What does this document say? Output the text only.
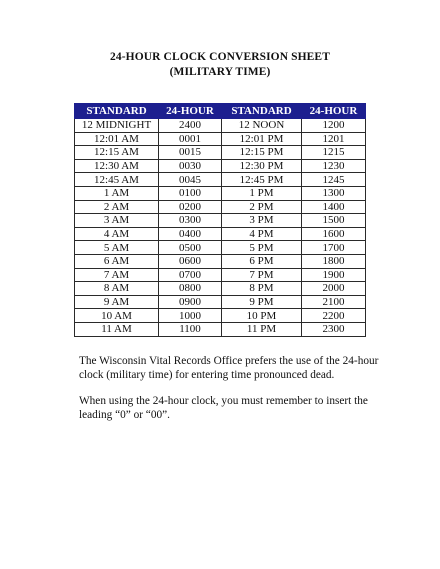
24-HOUR CLOCK CONVERSION SHEET
(MILITARY TIME)
STANDARD	24-HOUR	STANDARD	24-HOUR
12 MIDNIGHT	2400	12 NOON	1200
12:01 AM	0001	12:01 PM	1201
12:15 AM	0015	12:15 PM	1215
12:30 AM	0030	12:30 PM	1230
12:45 AM	0045	12:45 PM	1245
1 AM	0100	1 PM	1300
2 AM	0200	2 PM	1400
3 AM	0300	3 PM	1500
4 AM	0400	4 PM	1600
5 AM	0500	5 PM	1700
6 AM	0600	6 PM	1800
7 AM	0700	7 PM	1900
8 AM	0800	8 PM	2000
9 AM	0900	9 PM	2100
10 AM	1000	10 PM	2200
11 AM	1100	11 PM	2300

The Wisconsin Vital Records Office prefers the use of the 24-hour clock (military time) for entering time pronounced dead.

When using the 24-hour clock, you must remember to insert the leading “0” or “00”.
